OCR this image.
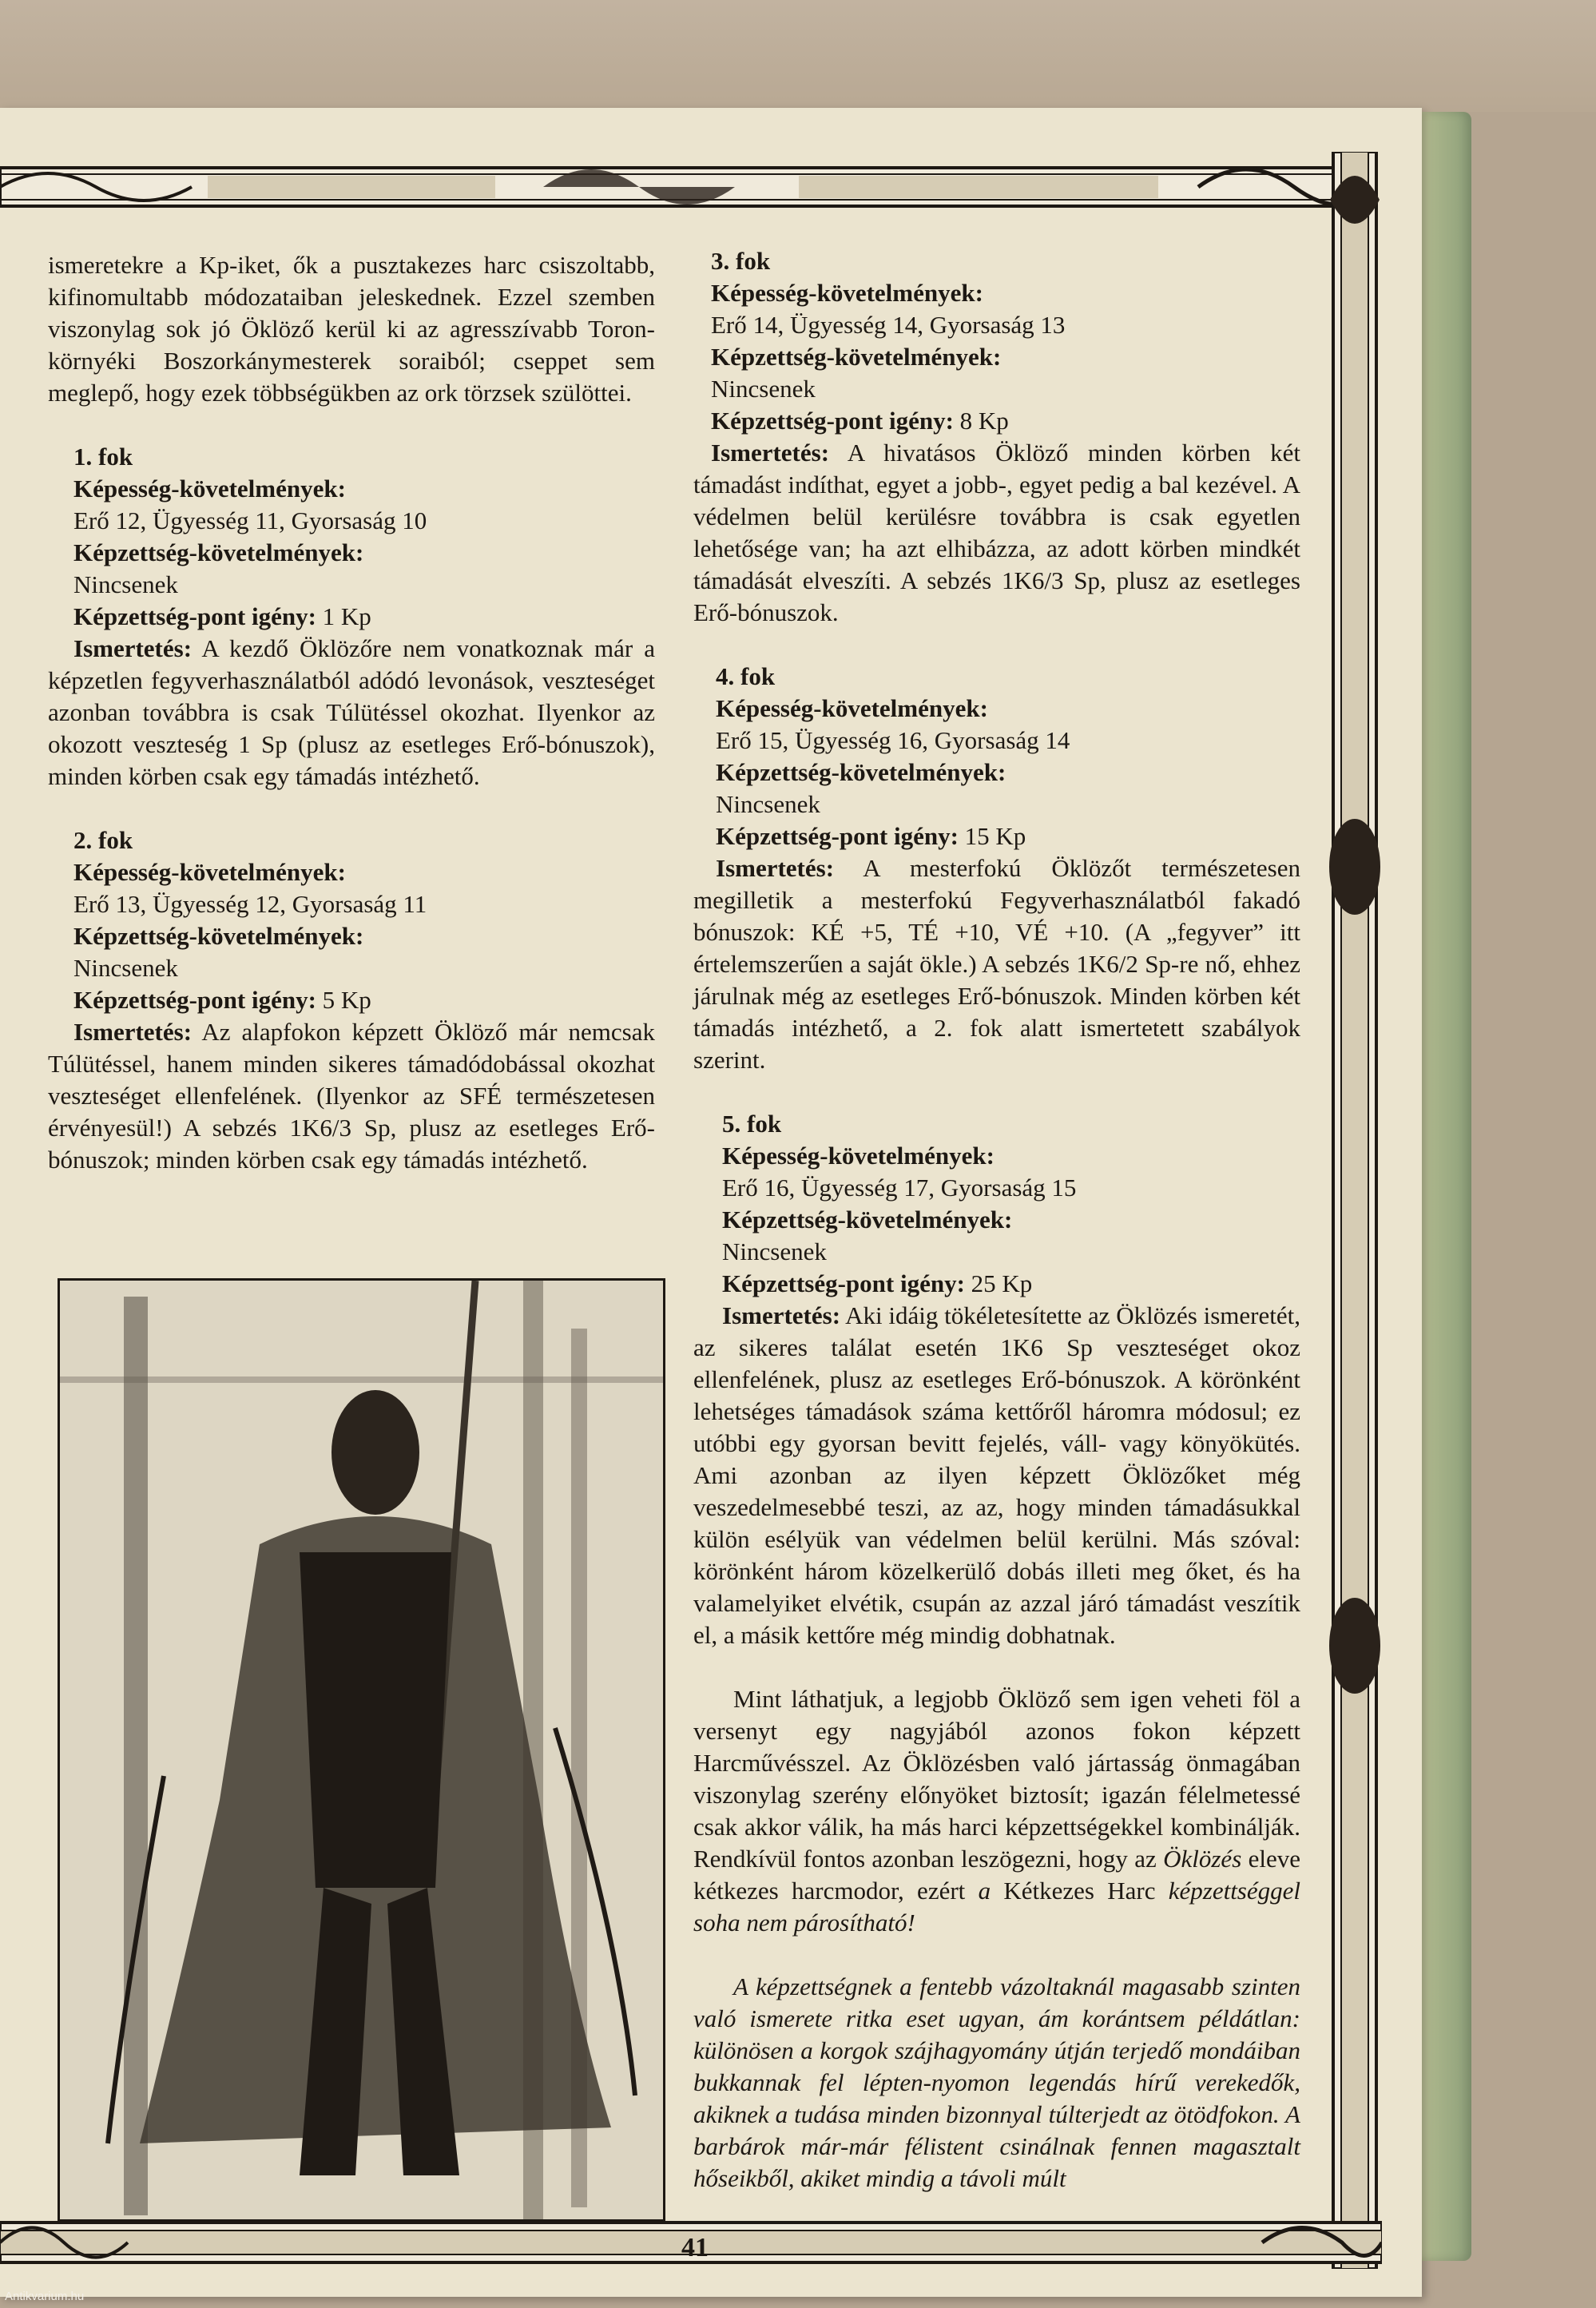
ismeretekre a Kp-iket, ők a pusztakezes harc csiszoltabb, kifinomultabb módozataiban jeleskednek. Ezzel szemben viszonylag sok jó Öklöző kerül ki az agresszívabb Toron-környéki Boszorkánymesterek soraiból; cseppet sem meglepő, hogy ezek többségükben az ork törzsek szülöttei.

1. fok
Képesség-követelmények:
Erő 12, Ügyesség 11, Gyorsaság 10
Képzettség-követelmények:
Nincsenek
Képzettség-pont igény: 1 Kp

Ismertetés: A kezdő Öklözőre nem vonatkoznak már a képzetlen fegyverhasználatból adódó levonások, veszteséget azonban továbbra is csak Túlütéssel okozhat. Ilyenkor az okozott veszteség 1 Sp (plusz az esetleges Erő-bónuszok), minden körben csak egy támadás intézhető.

2. fok
Képesség-követelmények:
Erő 13, Ügyesség 12, Gyorsaság 11
Képzettség-követelmények:
Nincsenek
Képzettség-pont igény: 5 Kp

Ismertetés: Az alapfokon képzett Öklöző már nemcsak Túlütéssel, hanem minden sikeres támadódobással okozhat veszteséget ellenfelének. (Ilyenkor az SFÉ természetesen érvényesül!) A sebzés 1K6/3 Sp, plusz az esetleges Erő-bónuszok; minden körben csak egy támadás intézhető.

3. fok
Képesség-követelmények:
Erő 14, Ügyesség 14, Gyorsaság 13
Képzettség-követelmények:
Nincsenek
Képzettség-pont igény: 8 Kp

Ismertetés: A hivatásos Öklöző minden körben két támadást indíthat, egyet a jobb-, egyet pedig a bal kezével. A védelmen belül kerülésre továbbra is csak egyetlen lehetősége van; ha azt elhibázza, az adott körben mindkét támadását elveszíti. A sebzés 1K6/3 Sp, plusz az esetleges Erő-bónuszok.

4. fok
Képesség-követelmények:
Erő 15, Ügyesség 16, Gyorsaság 14
Képzettség-követelmények:
Nincsenek
Képzettség-pont igény: 15 Kp

Ismertetés: A mesterfokú Öklözőt természetesen megilletik a mesterfokú Fegyverhasználatból fakadó bónuszok: KÉ +5, TÉ +10, VÉ +10. (A „fegyver” itt értelemszerűen a saját ökle.) A sebzés 1K6/2 Sp-re nő, ehhez járulnak még az esetleges Erő-bónuszok. Minden körben két támadás intézhető, a 2. fok alatt ismertetett szabályok szerint.

5. fok
Képesség-követelmények:
Erő 16, Ügyesség 17, Gyorsaság 15
Képzettség-követelmények:
Nincsenek
Képzettség-pont igény: 25 Kp

Ismertetés: Aki idáig tökéletesítette az Öklözés ismeretét, az sikeres találat esetén 1K6 Sp veszteséget okoz ellenfelének, plusz az esetleges Erő-bónuszok. A körönként lehetséges támadások száma kettőről háromra módosul; ez utóbbi egy gyorsan bevitt fejelés, váll- vagy könyökütés. Ami azonban az ilyen képzett Öklözőket még veszedelmesebbé teszi, az az, hogy minden támadásukkal külön esélyük van védelmen belül kerülni. Más szóval: körönként három közelkerülő dobás illeti meg őket, és ha valamelyiket elvétik, csupán az azzal járó támadást veszítik el, a másik kettőre még mindig dobhatnak.

Mint láthatjuk, a legjobb Öklöző sem igen veheti föl a versenyt egy nagyjából azonos fokon képzett Harcművésszel. Az Öklözésben való jártasság önmagában viszonylag szerény előnyöket biztosít; igazán félelmetessé csak akkor válik, ha más harci képzettségekkel kombinálják. Rendkívül fontos azonban leszögezni, hogy az Öklözés eleve kétkezes harcmodor, ezért a Kétkezes Harc képzettséggel soha nem párosítható!

A képzettségnek a fentebb vázoltaknál magasabb szinten való ismerete ritka eset ugyan, ám korántsem példátlan: különösen a korgok szájhagyomány útján terjedő mondáiban bukkannak fel lépten-nyomon legendás hírű verekedők, akiknek a tudása minden bizonnyal túlterjedt az ötödfokon. A barbárok már-már félistent csinálnak fennen magasztalt hőseikből, akiket mindig a távoli múlt

41
Antikvarium.hu
